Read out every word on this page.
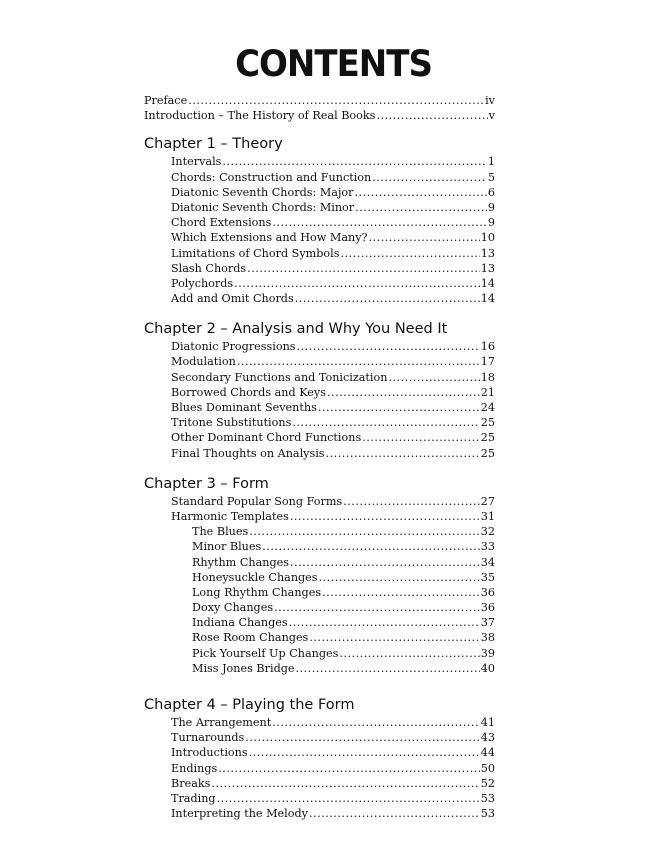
CONTENTS
Preface .....	iv
Introduction – The History of Real Books .....	v
Chapter 1 – Theory
Intervals .....	1
Chords: Construction and Function .....	5
Diatonic Seventh Chords: Major .....	6
Diatonic Seventh Chords: Minor .....	9
Chord Extensions .....	9
Which Extensions and How Many? .....	10
Limitations of Chord Symbols .....	13
Slash Chords .....	13
Polychords .....	14
Add and Omit Chords .....	14
Chapter 2 – Analysis and Why You Need It
Diatonic Progressions .....	16
Modulation .....	17
Secondary Functions and Tonicization .....	18
Borrowed Chords and Keys .....	21
Blues Dominant Sevenths .....	24
Tritone Substitutions .....	25
Other Dominant Chord Functions .....	25
Final Thoughts on Analysis .....	25
Chapter 3 – Form
Standard Popular Song Forms .....	27
Harmonic Templates .....	31
The Blues .....	32
Minor Blues .....	33
Rhythm Changes .....	34
Honeysuckle Changes .....	35
Long Rhythm Changes .....	36
Doxy Changes .....	36
Indiana Changes .....	37
Rose Room Changes .....	38
Pick Yourself Up Changes .....	39
Miss Jones Bridge .....	40
Chapter 4 – Playing the Form
The Arrangement .....	41
Turnarounds .....	43
Introductions .....	44
Endings .....	50
Breaks .....	52
Trading .....	53
Interpreting the Melody .....	53
